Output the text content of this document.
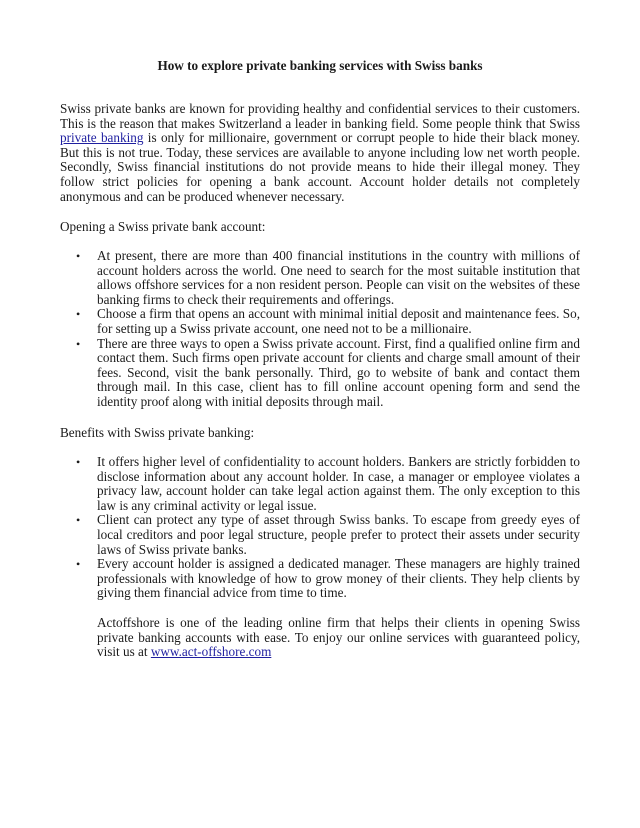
How to explore private banking services with Swiss banks

Swiss private banks are known for providing healthy and confidential services to their customers. This is the reason that makes Switzerland a leader in banking field. Some people think that Swiss private banking is only for millionaire, government or corrupt people to hide their black money. But this is not true. Today, these services are available to anyone including low net worth people. Secondly, Swiss financial institutions do not provide means to hide their illegal money. They follow strict policies for opening a bank account. Account holder details not completely anonymous and can be produced whenever necessary.

Opening a Swiss private bank account:

• At present, there are more than 400 financial institutions in the country with millions of account holders across the world. One need to search for the most suitable institution that allows offshore services for a non resident person. People can visit on the websites of these banking firms to check their requirements and offerings.
• Choose a firm that opens an account with minimal initial deposit and maintenance fees. So, for setting up a Swiss private account, one need not to be a millionaire.
• There are three ways to open a Swiss private account. First, find a qualified online firm and contact them. Such firms open private account for clients and charge small amount of their fees. Second, visit the bank personally. Third, go to website of bank and contact them through mail. In this case, client has to fill online account opening form and send the identity proof along with initial deposits through mail.

Benefits with Swiss private banking:

• It offers higher level of confidentiality to account holders. Bankers are strictly forbidden to disclose information about any account holder. In case, a manager or employee violates a privacy law, account holder can take legal action against them. The only exception to this law is any criminal activity or legal issue.
• Client can protect any type of asset through Swiss banks. To escape from greedy eyes of local creditors and poor legal structure, people prefer to protect their assets under security laws of Swiss private banks.
• Every account holder is assigned a dedicated manager. These managers are highly trained professionals with knowledge of how to grow money of their clients. They help clients by giving them financial advice from time to time.

Actoffshore is one of the leading online firm that helps their clients in opening Swiss private banking accounts with ease. To enjoy our online services with guaranteed policy, visit us at www.act-offshore.com
